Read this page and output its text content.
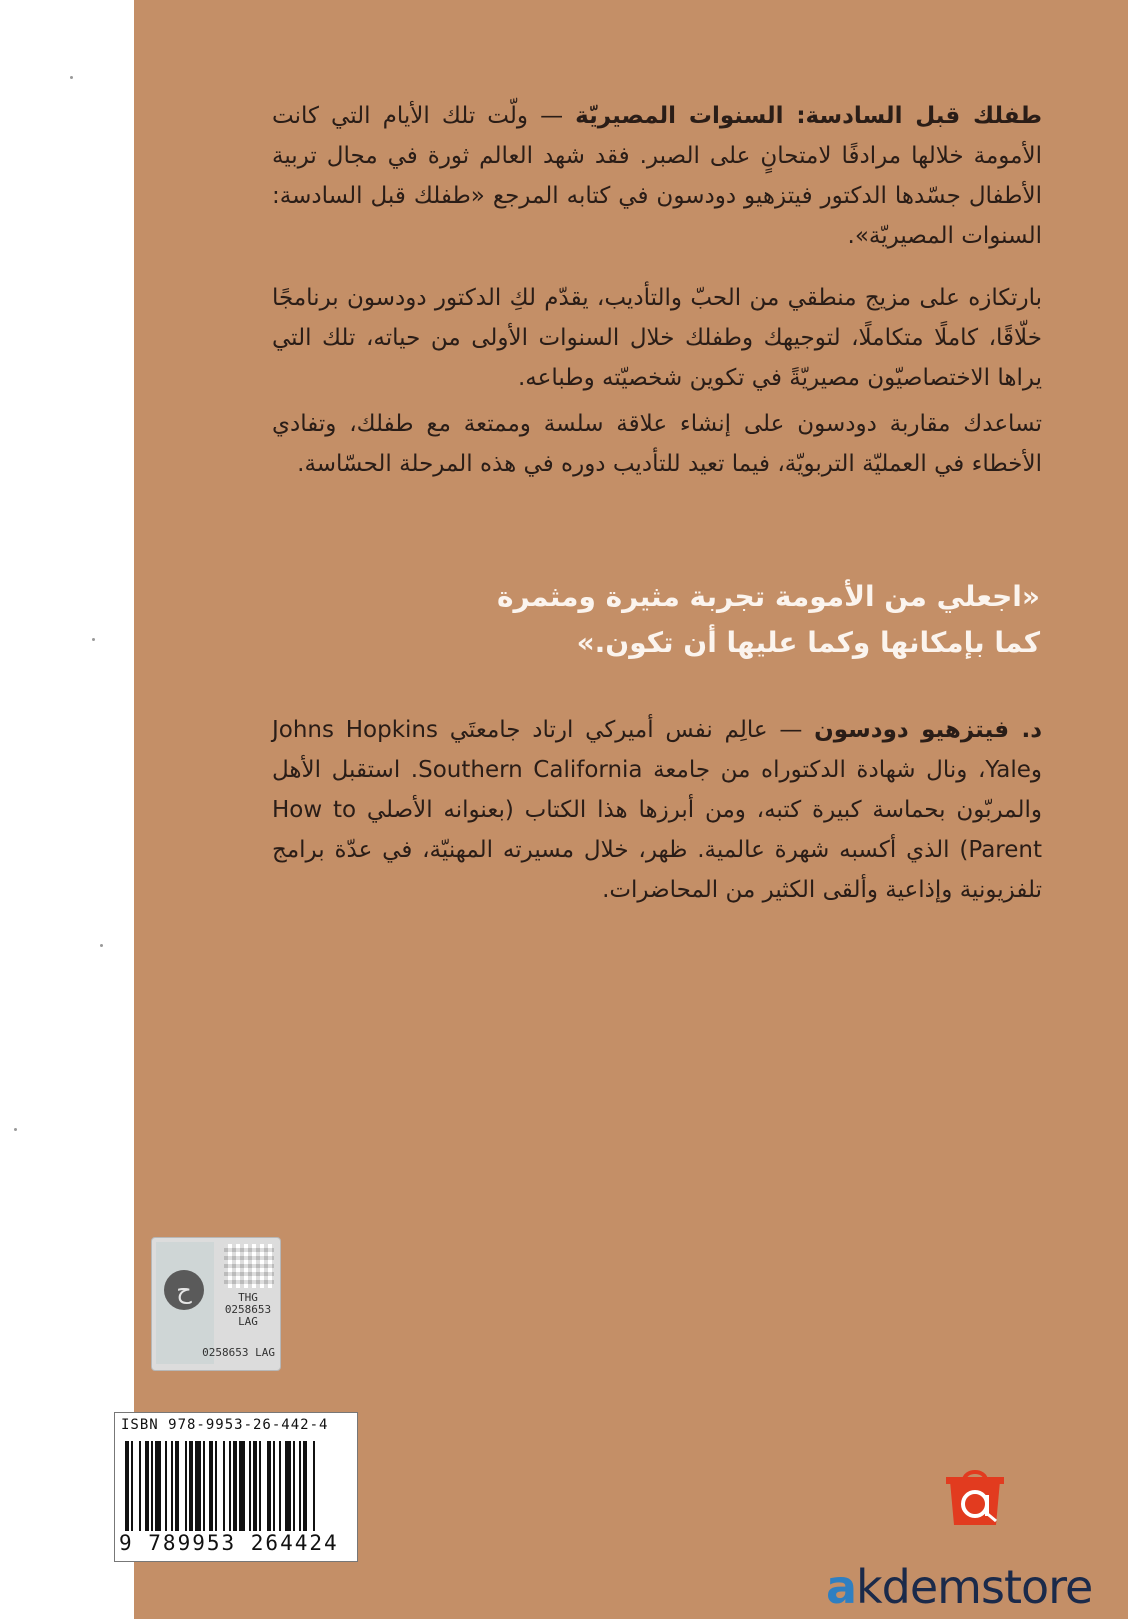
طفلك قبل السادسة: السنوات المصيريّة — ولّت تلك الأيام التي كانت الأمومة خلالها مرادفًا لامتحانٍ على الصبر. فقد شهد العالم ثورة في مجال تربية الأطفال جسّدها الدكتور فيتزهيو دودسون في كتابه المرجع «طفلك قبل السادسة: السنوات المصيريّة».

بارتكازه على مزيج منطقي من الحبّ والتأديب، يقدّم لكِ الدكتور دودسون برنامجًا خلّاقًا، كاملًا متكاملًا، لتوجيهك وطفلك خلال السنوات الأولى من حياته، تلك التي يراها الاختصاصيّون مصيريّةً في تكوين شخصيّته وطباعه.

تساعدك مقاربة دودسون على إنشاء علاقة سلسة وممتعة مع طفلك، وتفادي الأخطاء في العمليّة التربويّة، فيما تعيد للتأديب دوره في هذه المرحلة الحسّاسة.

«اجعلي من الأمومة تجربة مثيرة ومثمرة

كما بإمكانها وكما عليها أن تكون.»

د. فيتزهيو دودسون — عالِم نفس أميركي ارتاد جامعتَي Johns Hopkins وYale، ونال شهادة الدكتوراه من جامعة Southern California. استقبل الأهل والمربّون بحماسة كبيرة كتبه، ومن أبرزها هذا الكتاب (بعنوانه الأصلي How to Parent) الذي أكسبه شهرة عالمية. ظهر، خلال مسيرته المهنيّة، في عدّة برامج تلفزيونية وإذاعية وألقى الكثير من المحاضرات.

ح	THG
0258653
LAG
0258653 LAG
ISBN 978-9953-26-442-4
9 789953 264424
akdemstore
